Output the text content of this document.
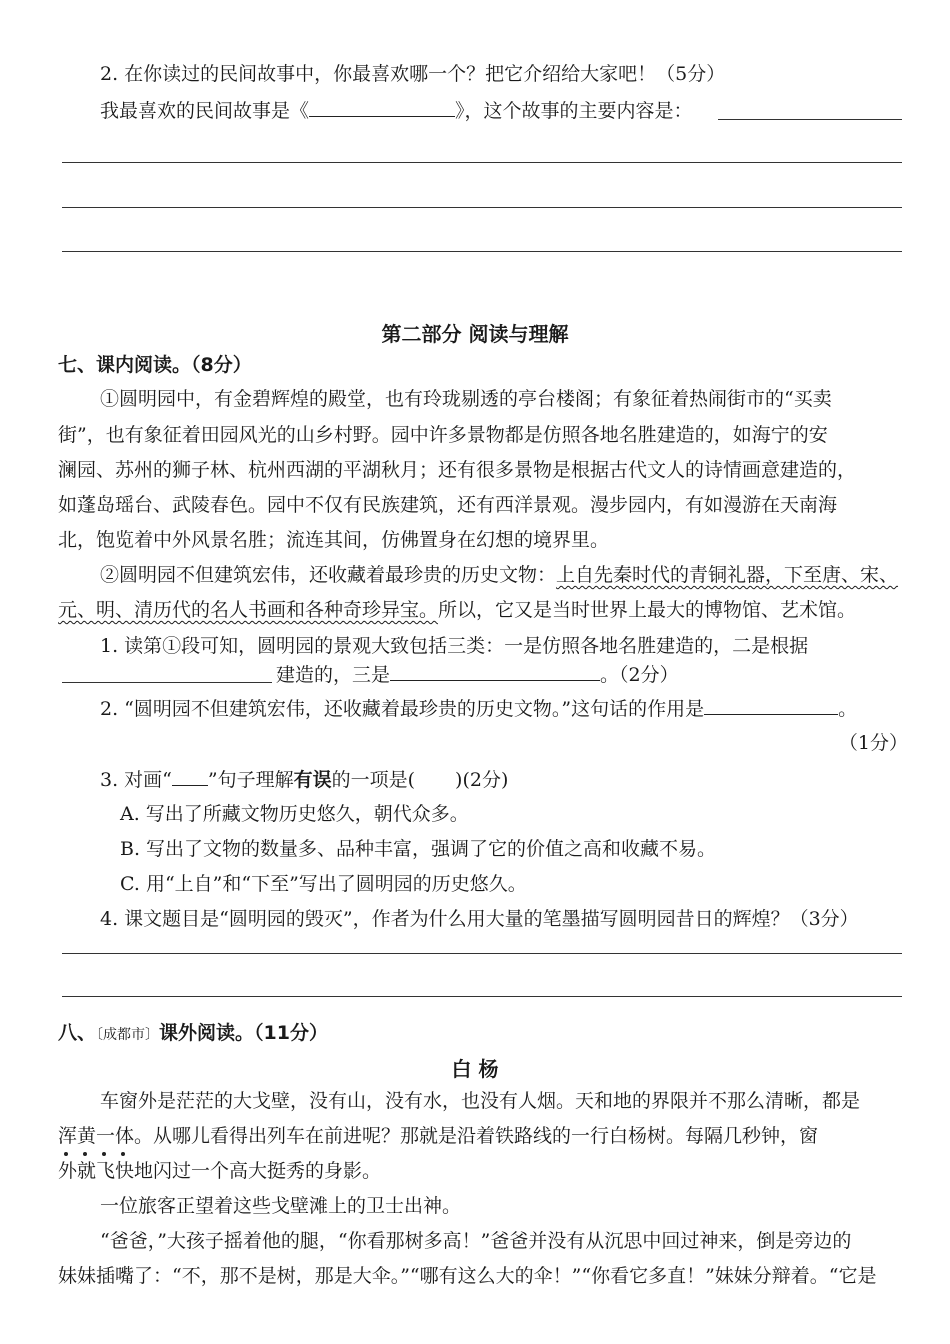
2. 在你读过的民间故事中，你最喜欢哪一个？把它介绍给大家吧！（5分）
我最喜欢的民间故事是《	》，这个故事的主要内容是：
第二部分 阅读与理解
七、课内阅读。（8分）
①圆明园中，有金碧辉煌的殿堂，也有玲珑剔透的亭台楼阁；有象征着热闹街市的“买卖
街”，也有象征着田园风光的山乡村野。园中许多景物都是仿照各地名胜建造的，如海宁的安
澜园、苏州的狮子林、杭州西湖的平湖秋月；还有很多景物是根据古代文人的诗情画意建造的，
如蓬岛瑶台、武陵春色。园中不仅有民族建筑，还有西洋景观。漫步园内，有如漫游在天南海
北，饱览着中外风景名胜；流连其间，仿佛置身在幻想的境界里。
②圆明园不但建筑宏伟，还收藏着最珍贵的历史文物：上自先秦时代的青铜礼器，下至唐、宋、
元、明、清历代的名人书画和各种奇珍异宝。所以，它又是当时世界上最大的博物馆、艺术馆。
1. 读第①段可知，圆明园的景观大致包括三类：一是仿照各地名胜建造的，二是根据
建造的，三是	。（2分）
2. “圆明园不但建筑宏伟，还收藏着最珍贵的历史文物。”这句话的作用是	。
（1分）
3. 对画“ ”句子理解有误的一项是( )(2分)
A. 写出了所藏文物历史悠久，朝代众多。
B. 写出了文物的数量多、品种丰富，强调了它的价值之高和收藏不易。
C. 用“上自”和“下至”写出了圆明园的历史悠久。
4. 课文题目是“圆明园的毁灭”，作者为什么用大量的笔墨描写圆明园昔日的辉煌？（3分）
八、〔成都市〕课外阅读。（11分）
白 杨
车窗外是茫茫的大戈壁，没有山，没有水，也没有人烟。天和地的界限并不那么清晰，都是
浑黄一体。从哪儿看得出列车在前进呢？那就是沿着铁路线的一行白杨树。每隔几秒钟，窗
外就飞快地闪过一个高大挺秀的身影。
一位旅客正望着这些戈壁滩上的卫士出神。
“爸爸，”大孩子摇着他的腿，“你看那树多高！”爸爸并没有从沉思中回过神来，倒是旁边的
妹妹插嘴了：“不，那不是树，那是大伞。”“哪有这么大的伞！”“你看它多直！”妹妹分辩着。“它是
